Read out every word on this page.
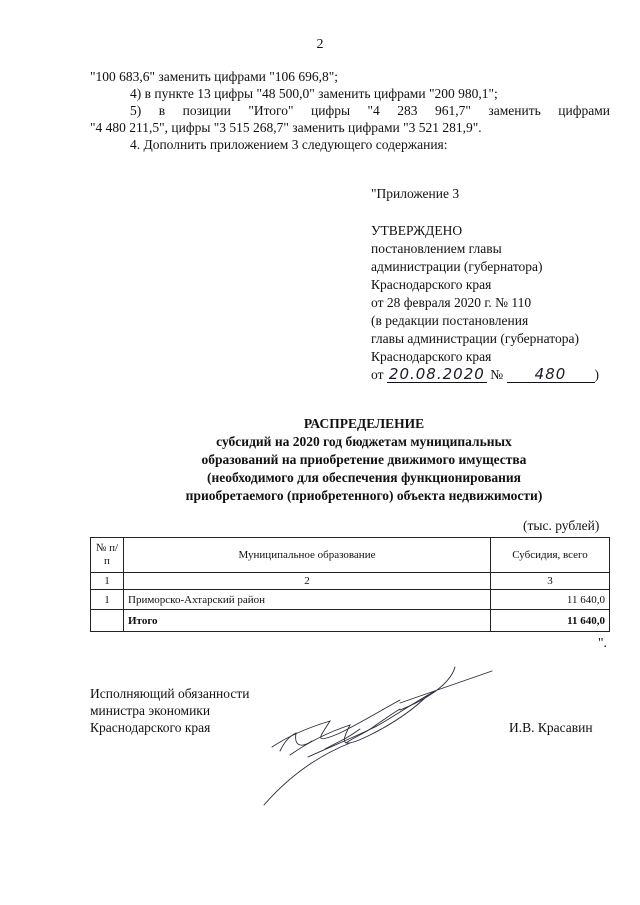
2
"100 683,6" заменить цифрами "106 696,8";
4) в пункте 13 цифры "48 500,0" заменить цифрами "200 980,1";
5) в позиции "Итого" цифры "4 283 961,7" заменить цифрами
"4 480 211,5", цифры "3 515 268,7" заменить цифрами "3 521 281,9".
4. Дополнить приложением 3 следующего содержания:
"Приложение 3
УТВЕРЖДЕНО
постановлением главы
администрации (губернатора)
Краснодарского края
от 28 февраля 2020 г. № 110
(в редакции постановления
главы администрации (губернатора)
Краснодарского края
от 20.08.2020 № 480 )
РАСПРЕДЕЛЕНИЕ
субсидий на 2020 год бюджетам муниципальных
образований на приобретение движимого имущества
(необходимого для обеспечения функционирования
приобретаемого (приобретенного) объекта недвижимости)
(тыс. рублей)
№ п/п	Муниципальное образование	Субсидия, всего
1	2	3
1	Приморско-Ахтарский район	11 640,0
	Итого	11 640,0
".
Исполняющий обязанности
министра экономики
Краснодарского края	И.В. Красавин
